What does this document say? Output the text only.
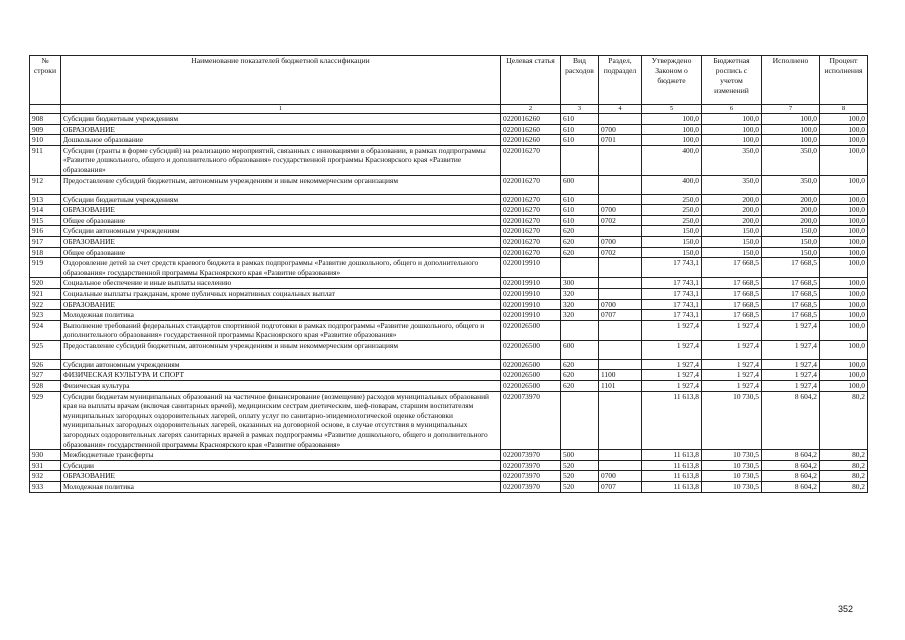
№ строки	Наименование показателей бюджетной классификации	Целевая статья	Вид расходов	Раздел, подраздел	Утверждено Законом о бюджете	Бюджетная роспись с учетом изменений	Исполнено	Процент исполнения
	1	2	3	4	5	6	7	8
908	Субсидии бюджетным учреждениям	0220016260	610		100,0	100,0	100,0	100,0
909	ОБРАЗОВАНИЕ	0220016260	610	0700	100,0	100,0	100,0	100,0
910	Дошкольное образование	0220016260	610	0701	100,0	100,0	100,0	100,0
911	Субсидии (гранты в форме субсидий) на реализацию мероприятий, связанных с инновациями в образовании, в рамках подпрограммы «Развитие дошкольного, общего и дополнительного образования» государственной программы Красноярского края «Развитие образования»	0220016270			400,0	350,0	350,0	100,0
912	Предоставление субсидий бюджетным, автономным учреждениям и иным некоммерческим организациям	0220016270	600		400,0	350,0	350,0	100,0
913	Субсидии бюджетным учреждениям	0220016270	610		250,0	200,0	200,0	100,0
914	ОБРАЗОВАНИЕ	0220016270	610	0700	250,0	200,0	200,0	100,0
915	Общее образование	0220016270	610	0702	250,0	200,0	200,0	100,0
916	Субсидии автономным учреждениям	0220016270	620		150,0	150,0	150,0	100,0
917	ОБРАЗОВАНИЕ	0220016270	620	0700	150,0	150,0	150,0	100,0
918	Общее образование	0220016270	620	0702	150,0	150,0	150,0	100,0
919	Оздоровление детей за счет средств краевого бюджета в рамках подпрограммы «Развитие дошкольного, общего и дополнительного образования» государственной программы Красноярского края «Развитие образования»	0220019910			17 743,1	17 668,5	17 668,5	100,0
920	Социальное обеспечение и иные выплаты населению	0220019910	300		17 743,1	17 668,5	17 668,5	100,0
921	Социальные выплаты гражданам, кроме публичных нормативных социальных выплат	0220019910	320		17 743,1	17 668,5	17 668,5	100,0
922	ОБРАЗОВАНИЕ	0220019910	320	0700	17 743,1	17 668,5	17 668,5	100,0
923	Молодежная политика	0220019910	320	0707	17 743,1	17 668,5	17 668,5	100,0
924	Выполнение требований федеральных стандартов спортивной подготовки в рамках подпрограммы «Развитие дошкольного, общего и дополнительного образования» государственной программы Красноярского края «Развитие образования»	0220026500			1 927,4	1 927,4	1 927,4	100,0
925	Предоставление субсидий бюджетным, автономным учреждениям и иным некоммерческим организациям	0220026500	600		1 927,4	1 927,4	1 927,4	100,0
926	Субсидии автономным учреждениям	0220026500	620		1 927,4	1 927,4	1 927,4	100,0
927	ФИЗИЧЕСКАЯ КУЛЬТУРА И СПОРТ	0220026500	620	1100	1 927,4	1 927,4	1 927,4	100,0
928	Физическая культура	0220026500	620	1101	1 927,4	1 927,4	1 927,4	100,0
929	Субсидии бюджетам муниципальных образований на частичное финансирование (возмещение) расходов муниципальных образований края на выплаты врачам (включая санитарных врачей), медицинским сестрам диетическим, шеф-поварам, старшим воспитателям муниципальных загородных оздоровительных лагерей, оплату услуг по санитарно-эпидемиологической оценке обстановки муниципальных загородных оздоровительных лагерей, оказанных на договорной основе, в случае отсутствия в муниципальных загородных оздоровительных лагерях санитарных врачей в рамках подпрограммы «Развитие дошкольного, общего и дополнительного образования» государственной программы Красноярского края «Развитие образования»	0220073970			11 613,8	10 730,5	8 604,2	80,2
930	Межбюджетные трансферты	0220073970	500		11 613,8	10 730,5	8 604,2	80,2
931	Субсидии	0220073970	520		11 613,8	10 730,5	8 604,2	80,2
932	ОБРАЗОВАНИЕ	0220073970	520	0700	11 613,8	10 730,5	8 604,2	80,2
933	Молодежная политика	0220073970	520	0707	11 613,8	10 730,5	8 604,2	80,2
352
